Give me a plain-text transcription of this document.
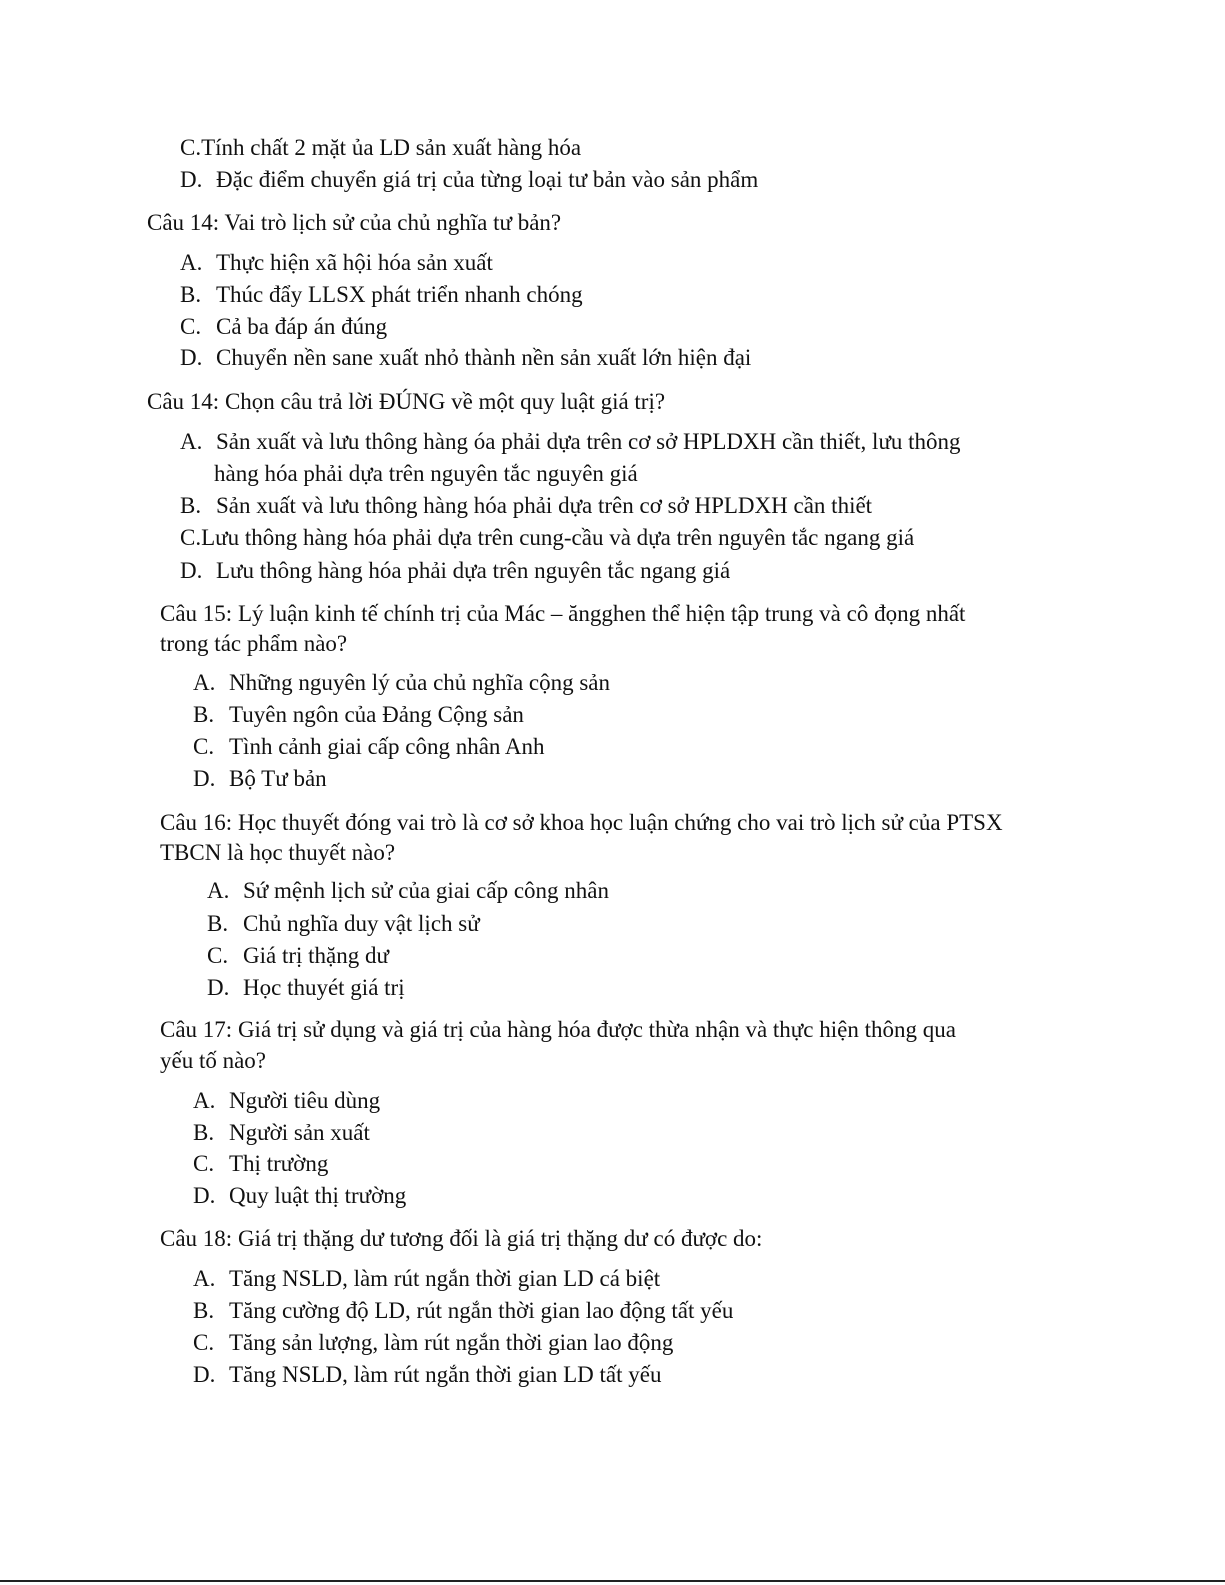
C.Tính chất 2 mặt ủa LD sản xuất hàng hóa
D. Đặc điểm chuyển giá trị của từng loại tư bản vào sản phẩm
Câu 14: Vai trò lịch sử của chủ nghĩa tư bản?
A. Thực hiện xã hội hóa sản xuất
B. Thúc đẩy LLSX phát triển nhanh chóng
C. Cả ba đáp án đúng
D. Chuyển nền sane xuất nhỏ thành nền sản xuất lớn hiện đại
Câu 14: Chọn câu trả lời ĐÚNG về một quy luật giá trị?
A. Sản xuất và lưu thông hàng óa phải dựa trên cơ sở HPLDXH cần thiết, lưu thông
hàng hóa phải dựa trên nguyên tắc nguyên giá
B. Sản xuất và lưu thông hàng hóa phải dựa trên cơ sở HPLDXH cần thiết
C.Lưu thông hàng hóa phải dựa trên cung-cầu và dựa trên nguyên tắc ngang giá
D. Lưu thông hàng hóa phải dựa trên nguyên tắc ngang giá
Câu 15: Lý luận kinh tế chính trị của Mác – ăngghen thể hiện tập trung và cô đọng nhất
trong tác phẩm nào?
A. Những nguyên lý của chủ nghĩa cộng sản
B. Tuyên ngôn của Đảng Cộng sản
C. Tình cảnh giai cấp công nhân Anh
D. Bộ Tư bản
Câu 16: Học thuyết đóng vai trò là cơ sở khoa học luận chứng cho vai trò lịch sử của PTSX
TBCN là học thuyết nào?
A. Sứ mệnh lịch sử của giai cấp công nhân
B. Chủ nghĩa duy vật lịch sử
C. Giá trị thặng dư
D. Học thuyét giá trị
Câu 17: Giá trị sử dụng và giá trị của hàng hóa được thừa nhận và thực hiện thông qua
yếu tố nào?
A. Người tiêu dùng
B. Người sản xuất
C. Thị trường
D. Quy luật thị trường
Câu 18: Giá trị thặng dư tương đối là giá trị thặng dư có được do:
A. Tăng NSLD, làm rút ngắn thời gian LD cá biệt
B. Tăng cường độ LD, rút ngắn thời gian lao động tất yếu
C. Tăng sản lượng, làm rút ngắn thời gian lao động
D. Tăng NSLD, làm rút ngắn thời gian LD tất yếu
